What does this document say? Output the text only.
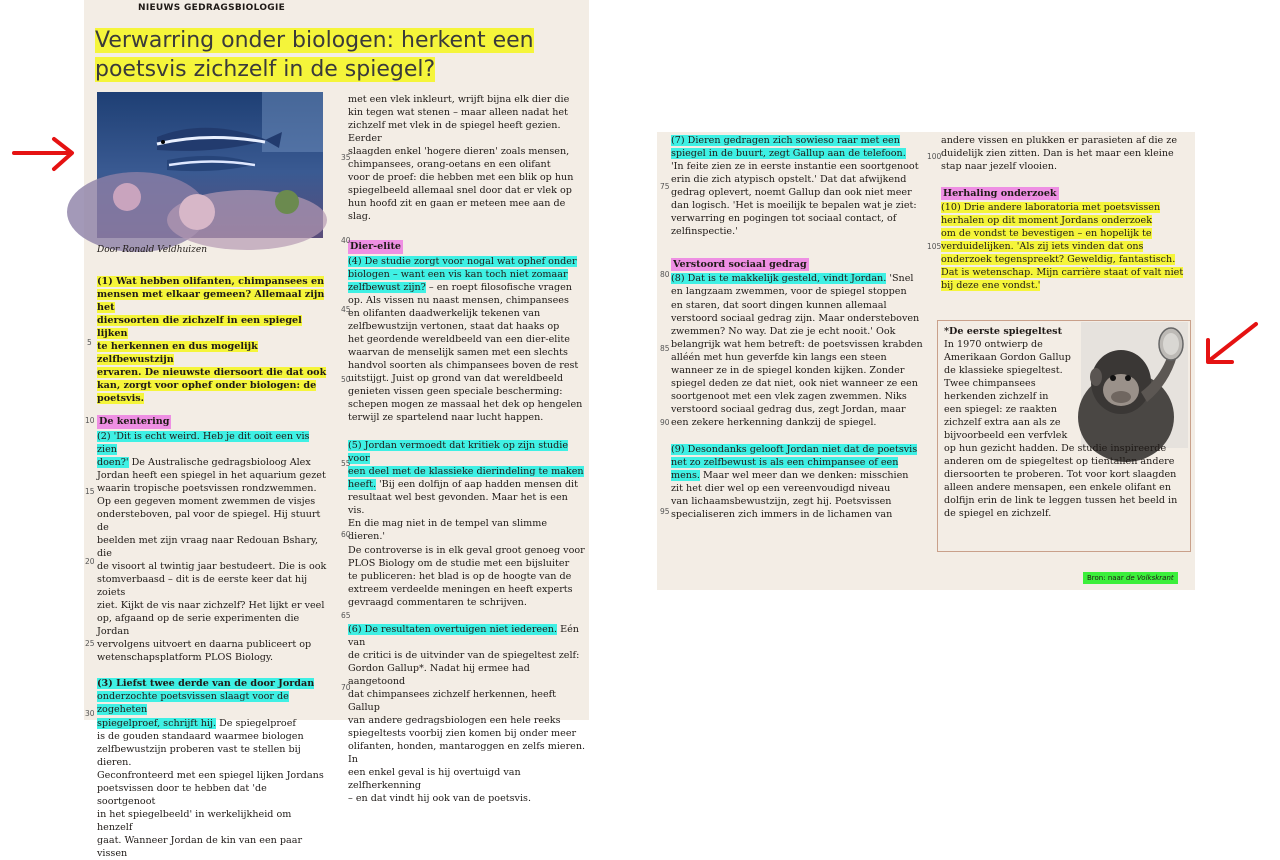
NIEUWS GEDRAGSBIOLOGIE
Verwarring onder biologen: herkent een
poetsvis zichzelf in de spiegel?
Door Ronald Veldhuizen

(1) Wat hebben olifanten, chimpansees en
mensen met elkaar gemeen? Allemaal zijn het
diersoorten die zichzelf in een spiegel lijken
te herkennen en dus mogelijk zelfbewustzijn
ervaren. De nieuwste diersoort die dat ook
kan, zorgt voor ophef onder biologen: de
poetsvis.

De kentering

(2) 'Dit is echt weird. Heb je dit ooit een vis zien
doen?' De Australische gedragsbioloog Alex
Jordan heeft een spiegel in het aquarium gezet
waarin tropische poetsvissen rondzwemmen.
Op een gegeven moment zwemmen de visjes
ondersteboven, pal voor de spiegel. Hij stuurt de
beelden met zijn vraag naar Redouan Bshary, die
de visoort al twintig jaar bestudeert. Die is ook
stomverbaasd – dit is de eerste keer dat hij zoiets
ziet. Kijkt de vis naar zichzelf? Het lijkt er veel
op, afgaand op de serie experimenten die Jordan
vervolgens uitvoert en daarna publiceert op
wetenschapsplatform PLOS Biology.

(3) Liefst twee derde van de door Jordan
onderzochte poetsvissen slaagt voor de zogeheten
spiegelproef, schrijft hij. De spiegelproef
is de gouden standaard waarmee biologen
zelfbewustzijn proberen vast te stellen bij dieren.
Geconfronteerd met een spiegel lijken Jordans
poetsvissen door te hebben dat 'de soortgenoot
in het spiegelbeeld' in werkelijkheid om henzelf
gaat. Wanneer Jordan de kin van een paar vissen

5
10
15
20
25
30

met een vlek inkleurt, wrijft bijna elk dier die
kin tegen wat stenen – maar alleen nadat het
zichzelf met vlek in de spiegel heeft gezien. Eerder
slaagden enkel 'hogere dieren' zoals mensen,
chimpansees, orang-oetans en een olifant
voor de proef: die hebben met een blik op hun
spiegelbeeld allemaal snel door dat er vlek op
hun hoofd zit en gaan er meteen mee aan de slag.

Dier-elite

(4) De studie zorgt voor nogal wat ophef onder
biologen – want een vis kan toch niet zomaar
zelfbewust zijn? – en roept filosofische vragen
op. Als vissen nu naast mensen, chimpansees
en olifanten daadwerkelijk tekenen van
zelfbewustzijn vertonen, staat dat haaks op
het geordende wereldbeeld van een dier-elite
waarvan de menselijk samen met een slechts
handvol soorten als chimpansees boven de rest
uitstijgt. Juist op grond van dat wereldbeeld
genieten vissen geen speciale bescherming:
schepen mogen ze massaal het dek op hengelen
terwijl ze spartelend naar lucht happen.

(5) Jordan vermoedt dat kritiek op zijn studie voor
een deel met de klassieke dierindeling te maken
heeft. 'Bij een dolfijn of aap hadden mensen dit
resultaat wel best gevonden. Maar het is een vis.
En die mag niet in de tempel van slimme dieren.'
De controverse is in elk geval groot genoeg voor
PLOS Biology om de studie met een bijsluiter
te publiceren: het blad is op de hoogte van de
extreem verdeelde meningen en heeft experts
gevraagd commentaren te schrijven.

(6) De resultaten overtuigen niet iedereen. Eén van
de critici is de uitvinder van de spiegeltest zelf:
Gordon Gallup*. Nadat hij ermee had aangetoond
dat chimpansees zichzelf herkennen, heeft Gallup
van andere gedragsbiologen een hele reeks
spiegeltests voorbij zien komen bij onder meer
olifanten, honden, mantaroggen en zelfs mieren. In
een enkel geval is hij overtuigd van zelfherkenning
– en dat vindt hij ook van de poetsvis.

35
40
45
50
55
60
65
70

(7) Dieren gedragen zich sowieso raar met een
spiegel in de buurt, zegt Gallup aan de telefoon.
'In feite zien ze in eerste instantie een soortgenoot
erin die zich atypisch opstelt.' Dat dat afwijkend
gedrag oplevert, noemt Gallup dan ook niet meer
dan logisch. 'Het is moeilijk te bepalen wat je ziet:
verwarring en pogingen tot sociaal contact, of
zelfinspectie.'

Verstoord sociaal gedrag

(8) Dat is te makkelijk gesteld, vindt Jordan. 'Snel
en langzaam zwemmen, voor de spiegel stoppen
en staren, dat soort dingen kunnen allemaal
verstoord sociaal gedrag zijn. Maar ondersteboven
zwemmen? No way. Dat zie je echt nooit.' Ook
belangrijk wat hem betreft: de poetsvissen krabden
alléén met hun geverfde kin langs een steen
wanneer ze in de spiegel konden kijken. Zonder
spiegel deden ze dat niet, ook niet wanneer ze een
soortgenoot met een vlek zagen zwemmen. Niks
verstoord sociaal gedrag dus, zegt Jordan, maar
een zekere herkenning dankzij de spiegel.

(9) Desondanks gelooft Jordan niet dat de poetsvis
net zo zelfbewust is als een chimpansee of een
mens. Maar wel meer dan we denken: misschien
zit het dier wel op een vereenvoudigd niveau
van lichaamsbewustzijn, zegt hij. Poetsvissen
specialiseren zich immers in de lichamen van

75
80
85
90
95

andere vissen en plukken er parasieten af die ze
duidelijk zien zitten. Dan is het maar een kleine
stap naar jezelf vlooien.

Herhaling onderzoek

(10) Drie andere laboratoria met poetsvissen
herhalen op dit moment Jordans onderzoek
om de vondst te bevestigen – en hopelijk te
verduidelijken. 'Als zij iets vinden dat ons
onderzoek tegenspreekt? Geweldig, fantastisch.
Dat is wetenschap. Mijn carrière staat of valt niet
bij deze ene vondst.'

100
105

*De eerste spiegeltest
In 1970 ontwierp de
Amerikaan Gordon Gallup
de klassieke spiegeltest.
Twee chimpansees
herkenden zichzelf in
een spiegel: ze raakten
zichzelf extra aan als ze
bijvoorbeeld een verfvlek

op hun gezicht hadden. De studie inspireerde
anderen om de spiegeltest op tientallen andere
diersoorten te proberen. Tot voor kort slaagden
alleen andere mensapen, een enkele olifant en
dolfijn erin de link te leggen tussen het beeld in
de spiegel en zichzelf.

Bron: naar de Volkskrant
